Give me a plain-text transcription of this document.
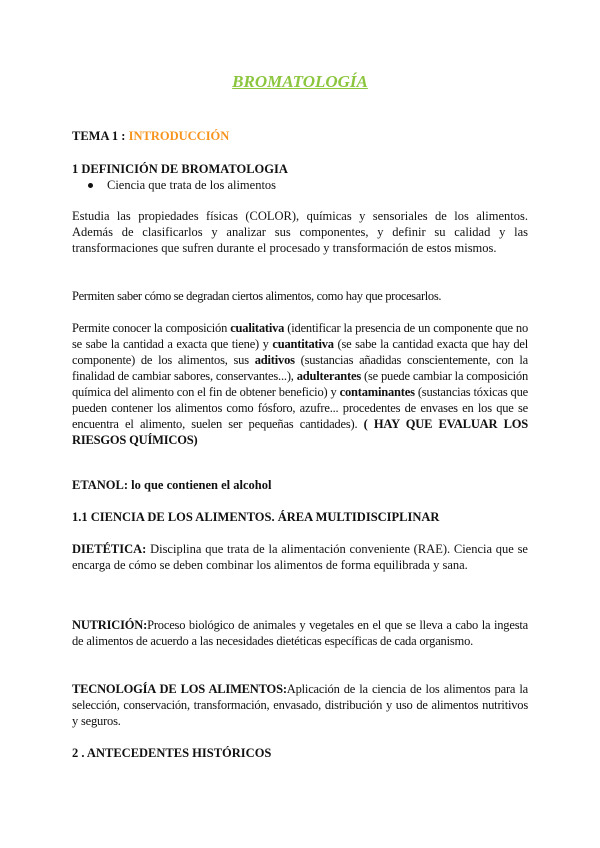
BROMATOLOGÍA
TEMA 1 : INTRODUCCIÓN
1 DEFINICIÓN DE BROMATOLOGIA
Ciencia que trata de los alimentos
Estudia las propiedades físicas (COLOR), químicas y sensoriales de los alimentos. Además de clasificarlos y analizar sus componentes, y definir su calidad y las transformaciones que sufren durante el procesado y transformación de estos mismos.
Permiten saber cómo se degradan ciertos alimentos, como hay que procesarlos.
Permite conocer la composición cualitativa (identificar la presencia de un componente que no se sabe la cantidad a exacta que tiene) y cuantitativa (se sabe la cantidad exacta que hay del componente) de los alimentos, sus aditivos (sustancias añadidas conscientemente, con la finalidad de cambiar sabores, conservantes...), adulterantes (se puede cambiar la composición química del alimento con el fin de obtener beneficio) y contaminantes (sustancias tóxicas que pueden contener los alimentos como fósforo, azufre... procedentes de envases en los que se encuentra el alimento, suelen ser pequeñas cantidades). ( HAY QUE EVALUAR LOS RIESGOS QUÍMICOS)
ETANOL: lo que contienen el alcohol
1.1 CIENCIA DE LOS ALIMENTOS. ÁREA MULTIDISCIPLINAR
DIETÉTICA: Disciplina que trata de la alimentación conveniente (RAE). Ciencia que se encarga de cómo se deben combinar los alimentos de forma equilibrada y sana.
NUTRICIÓN:Proceso biológico de animales y vegetales en el que se lleva a cabo la ingesta de alimentos de acuerdo a las necesidades dietéticas específicas de cada organismo.
TECNOLOGÍA DE LOS ALIMENTOS:Aplicación de la ciencia de los alimentos para la selección, conservación, transformación, envasado, distribución y uso de alimentos nutritivos y seguros.
2 . ANTECEDENTES HISTÓRICOS
